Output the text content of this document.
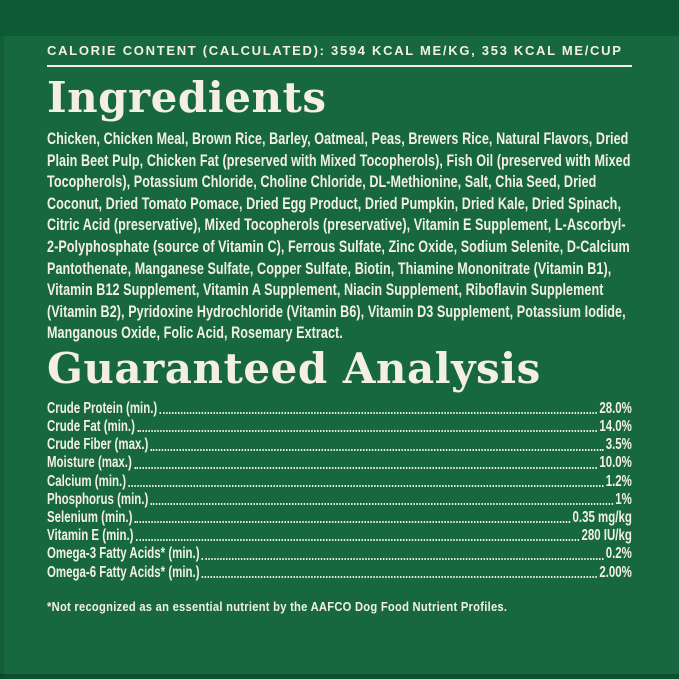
CALORIE CONTENT (CALCULATED): 3594 KCAL ME/KG, 353 KCAL ME/CUP
Ingredients

Chicken, Chicken Meal, Brown Rice, Barley, Oatmeal, Peas, Brewers Rice, Natural Flavors, Dried Plain Beet Pulp, Chicken Fat (preserved with Mixed Tocopherols), Fish Oil (preserved with Mixed Tocopherols), Potassium Chloride, Choline Chloride, DL-Methionine, Salt, Chia Seed, Dried Coconut, Dried Tomato Pomace, Dried Egg Product, Dried Pumpkin, Dried Kale, Dried Spinach, Citric Acid (preservative), Mixed Tocopherols (preservative), Vitamin E Supplement, L-Ascorbyl-2-Polyphosphate (source of Vitamin C), Ferrous Sulfate, Zinc Oxide, Sodium Selenite, D-Calcium Pantothenate, Manganese Sulfate, Copper Sulfate, Biotin, Thiamine Mononitrate (Vitamin B1), Vitamin B12 Supplement, Vitamin A Supplement, Niacin Supplement, Riboflavin Supplement (Vitamin B2), Pyridoxine Hydrochloride (Vitamin B6), Vitamin D3 Supplement, Potassium Iodide, Manganous Oxide, Folic Acid, Rosemary Extract.

Guaranteed Analysis
Crude Protein (min.)	28.0%
Crude Fat (min.)	14.0%
Crude Fiber (max.)	3.5%
Moisture (max.)	10.0%
Calcium (min.)	1.2%
Phosphorus (min.)	1%
Selenium (min.)	0.35 mg/kg
Vitamin E (min.)	280 IU/kg
Omega-3 Fatty Acids* (min.)	0.2%
Omega-6 Fatty Acids* (min.)	2.00%

*Not recognized as an essential nutrient by the AAFCO Dog Food Nutrient Profiles.
